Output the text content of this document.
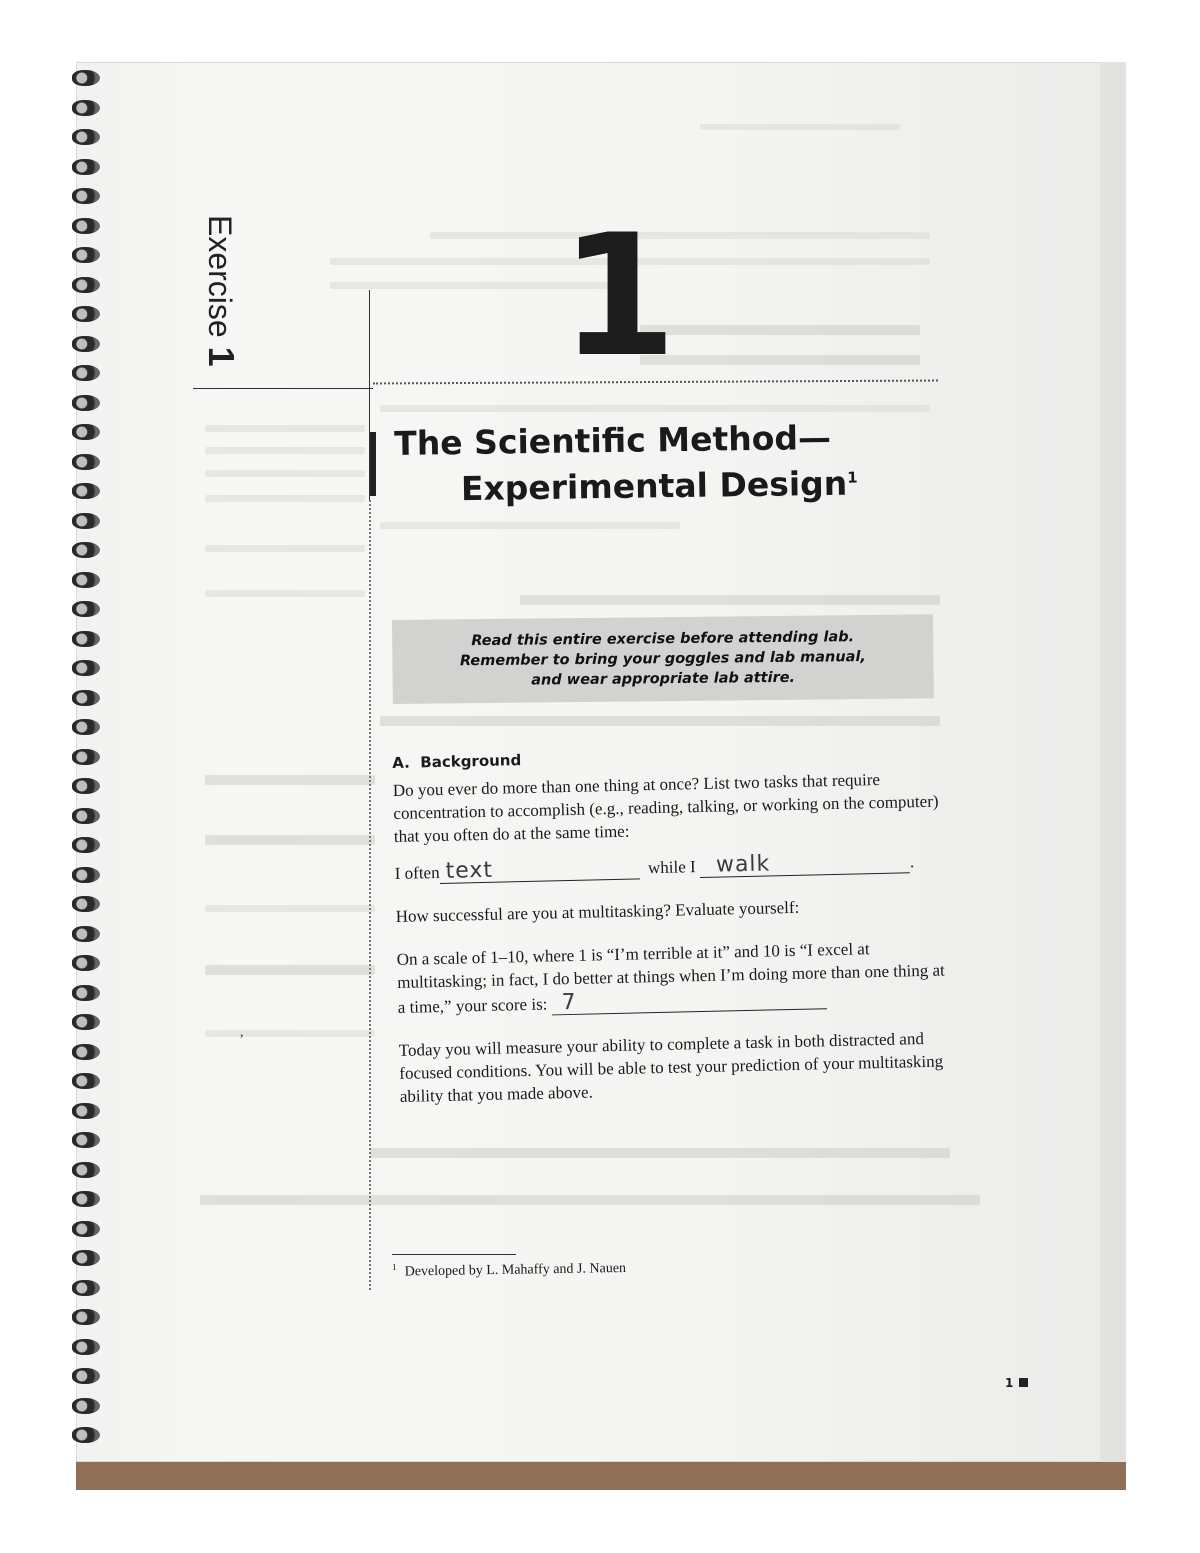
Exercise 1 1
The Scientific Method—
Experimental Design$^1$
Read this entire exercise before attending lab.
Remember to bring your goggles and lab manual,
and wear appropriate lab attire.

A. Background

Do you ever do more than one thing at once? List two tasks that require concentration to accomplish (e.g., reading, talking, or working on the computer) that you often do at the same time:

I often text
	while I
walk	.

How successful are you at multitasking? Evaluate yourself:

On a scale of 1–10, where 1 is “I’m terrible at it” and 10 is “I excel at multitasking; in fact, I do better at things when I’m doing more than one thing at a time,” your score is: 7

Today you will measure your ability to complete a task in both distracted and focused conditions. You will be able to test your prediction of your multitasking ability that you made above.

$^1$ Developed by L. Mahaffy and J. Nauen
,
1
